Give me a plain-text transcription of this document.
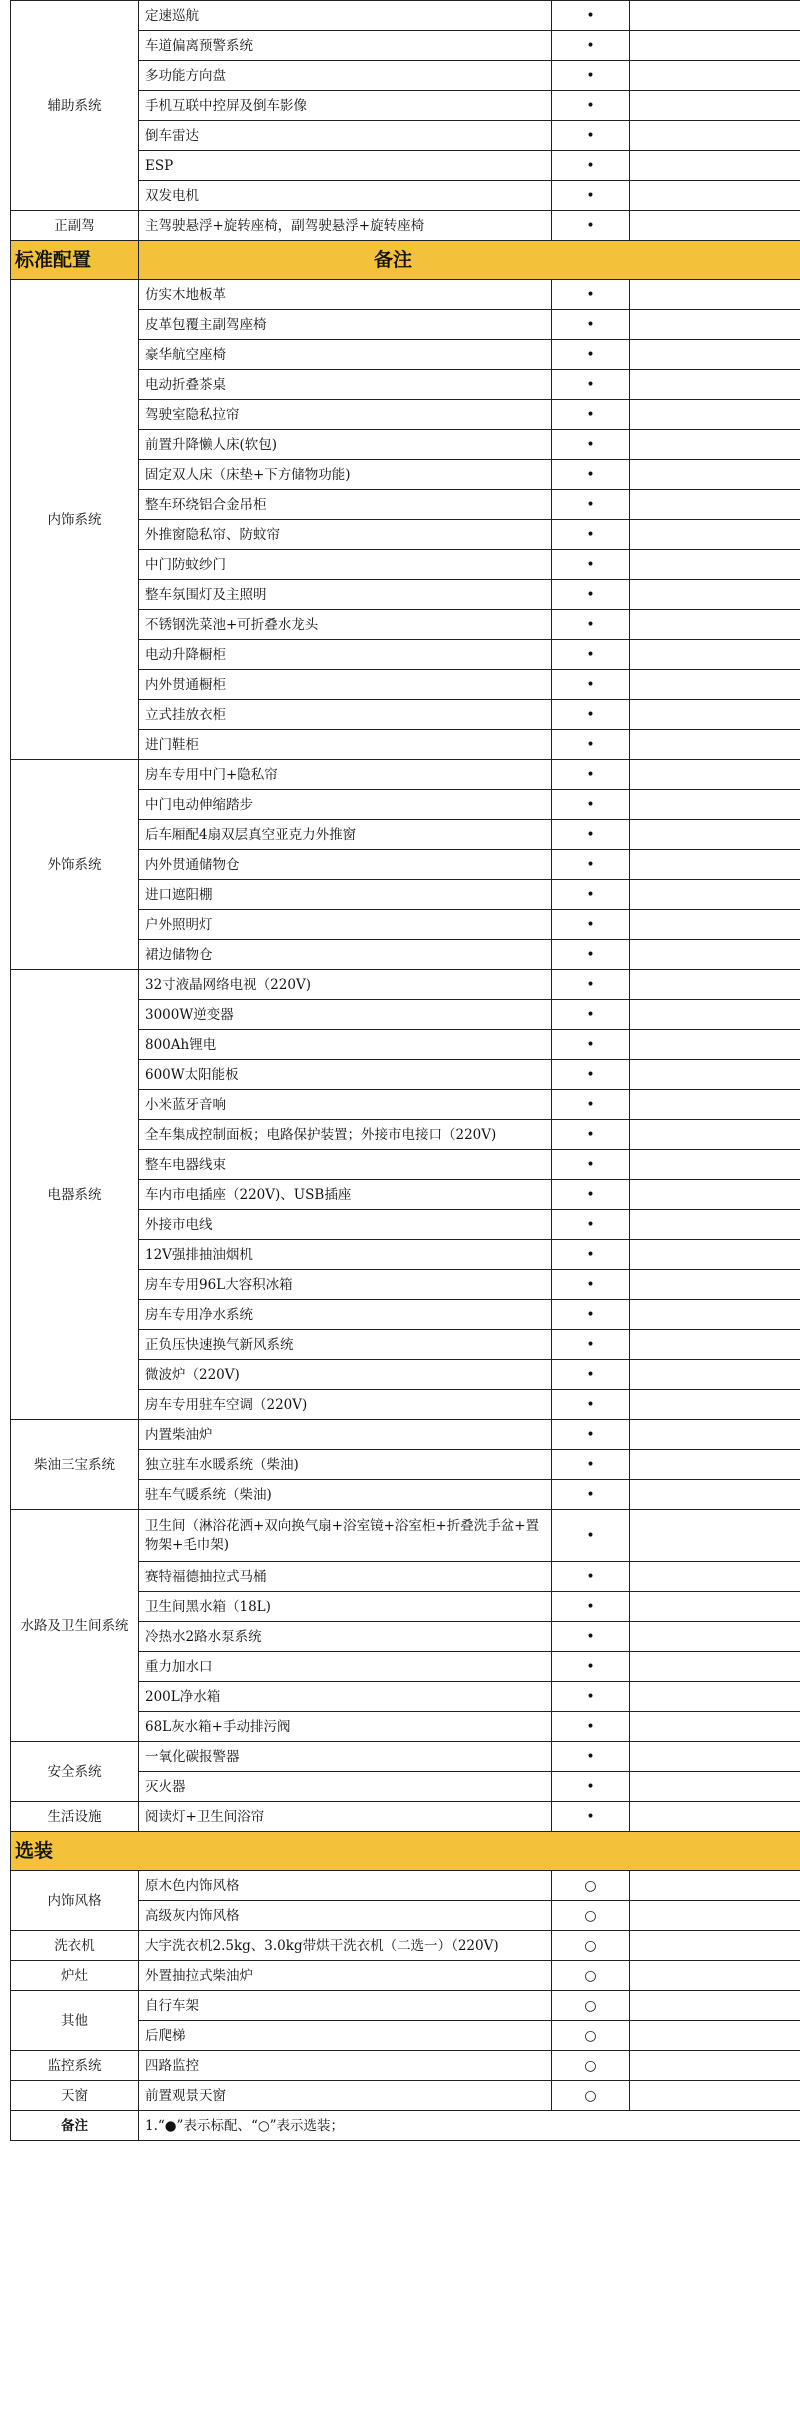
辅助系统	定速巡航	•	
	车道偏离预警系统	•	
	多功能方向盘	•	
	手机互联中控屏及倒车影像	•	
	倒车雷达	•	
	ESP	•	
	双发电机	•	
正副驾	主驾驶悬浮+旋转座椅，副驾驶悬浮+旋转座椅	•	
标准配置	备注		
内饰系统	仿实木地板革	•	
	皮革包覆主副驾座椅	•	
	豪华航空座椅	•	
	电动折叠茶桌	•	
	驾驶室隐私拉帘	•	
	前置升降懒人床(软包)	•	
	固定双人床（床垫+下方储物功能)	•	
	整车环绕铝合金吊柜	•	
	外推窗隐私帘、防蚊帘	•	
	中门防蚊纱门	•	
	整车氛围灯及主照明	•	
	不锈钢洗菜池+可折叠水龙头	•	
	电动升降橱柜	•	
	内外贯通橱柜	•	
	立式挂放衣柜	•	
	进门鞋柜	•	
外饰系统	房车专用中门+隐私帘	•	
	中门电动伸缩踏步	•	
	后车厢配4扇双层真空亚克力外推窗	•	
	内外贯通储物仓	•	
	进口遮阳棚	•	
	户外照明灯	•	
	裙边储物仓	•	
电器系统	32寸液晶网络电视（220V)	•	
	3000W逆变器	•	
	800Ah锂电	•	
	600W太阳能板	•	
	小米蓝牙音响	•	
	全车集成控制面板；电路保护装置；外接市电接口（220V)	•	
	整车电器线束	•	
	车内市电插座（220V)、USB插座	•	
	外接市电线	•	
	12V强排抽油烟机	•	
	房车专用96L大容积冰箱	•	
	房车专用净水系统	•	
	正负压快速换气新风系统	•	
	微波炉（220V)	•	
	房车专用驻车空调（220V)	•	
柴油三宝系统	内置柴油炉	•	
	独立驻车水暖系统（柴油)	•	
	驻车气暖系统（柴油)	•	
水路及卫生间系统	卫生间（淋浴花洒+双向换气扇+浴室镜+浴室柜+折叠洗手盆+置物架+毛巾架)	•	
	赛特福德抽拉式马桶	•	
	卫生间黑水箱（18L)	•	
	冷热水2路水泵系统	•	
	重力加水口	•	
	200L净水箱	•	
	68L灰水箱+手动排污阀	•	
安全系统	一氧化碳报警器	•	
	灭火器	•	
生活设施	阅读灯+卫生间浴帘	•	
选装			
内饰风格	原木色内饰风格	○	
	高级灰内饰风格	○	
洗衣机	大宇洗衣机2.5kg、3.0kg带烘干洗衣机（二选一）（220V)	○	
炉灶	外置抽拉式柴油炉	○	
其他	自行车架	○	
	后爬梯	○	
监控系统	四路监控	○	
天窗	前置观景天窗	○	
备注	1.“●”表示标配、“○”表示选装；		
